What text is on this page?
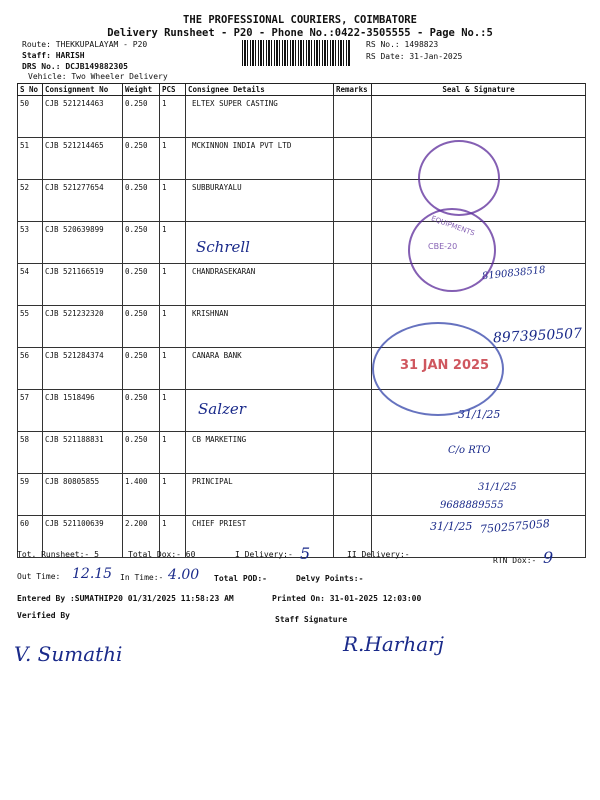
THE PROFESSIONAL COURIERS, COIMBATORE
Delivery Runsheet - P20 - Phone No.:0422-3505555 - Page No.:5
Route: THEKKUPALAYAM - P20
Staff: HARISH
DRS No.: DCJB149882305
Vehicle: Two Wheeler Delivery
RS No.: 1498823
RS Date: 31-Jan-2025
S No	Consignment No	Weight	PCS	Consignee Details	Remarks	Seal & Signature
50	CJB 521214463	0.250	1	ELTEX SUPER CASTING		
51	CJB 521214465	0.250	1	MCKINNON INDIA PVT LTD		
52	CJB 521277654	0.250	1	SUBBURAYALU		
53	CJB 520639899	0.250	1			
54	CJB 521166519	0.250	1	CHANDRASEKARAN		
55	CJB 521232320	0.250	1	KRISHNAN		
56	CJB 521284374	0.250	1	CANARA BANK		
57	CJB 1518496	0.250	1			
58	CJB 521188831	0.250	1	CB MARKETING		
59	CJB 80805855	1.400	1	PRINCIPAL		
60	CJB 521100639	2.200	1	CHIEF PRIEST		
Schrell
8190838518
8973950507
Salzer
C/o RTO
31/1/25
31/1/25
9688889555
31/1/25 7502575058
EQUIPMENTS
CBE-20
31 JAN 2025
Tot. Runsheet:- 5	Total Dox:- 60	I Delivery:- 5	II Delivery:-
RTN Dox:- 9
Out Time: 12.15 In Time:- 4.00 Total POD:-	Delvy Points:-
Entered By :SUMATHIP20 01/31/2025 11:58:23 AM	Printed On: 31-01-2025 12:03:00
Verified By	Staff Signature
V. Sumathi	R.Harharj
